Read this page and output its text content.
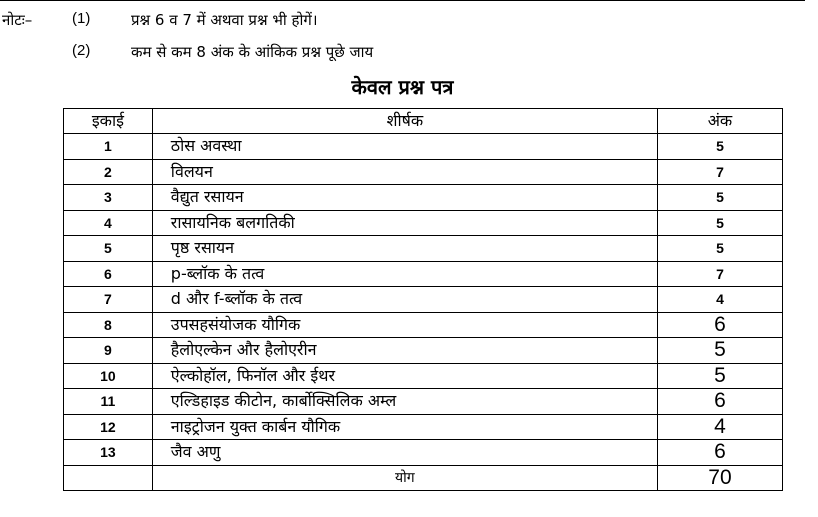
नोटः–	(1)	प्रश्न 6 व 7 में अथवा प्रश्न भी होगें।
(2)	कम से कम 8 अंक के आंकिक प्रश्न पूछे जाय
केवल प्रश्न पत्र
इकाई	शीर्षक	अंक
1	ठोस अवस्था	5
2	विलयन	7
3	वैद्युत रसायन	5
4	रासायनिक बलगतिकी	5
5	पृष्ठ रसायन	5
6	p-ब्लॉक के तत्व	7
7	d और f-ब्लॉक के तत्व	4
8	उपसहसंयोजक यौगिक	6
9	हैलोएल्केन और हैलोएरीन	5
10	ऐल्कोहॉल, फिनॉल और ईथर	5
11	एल्डिहाइड कीटोन, कार्बोक्सिलिक अम्ल	6
12	नाइट्रोजन युक्त कार्बन यौगिक	4
13	जैव अणु	6
	योग	70
